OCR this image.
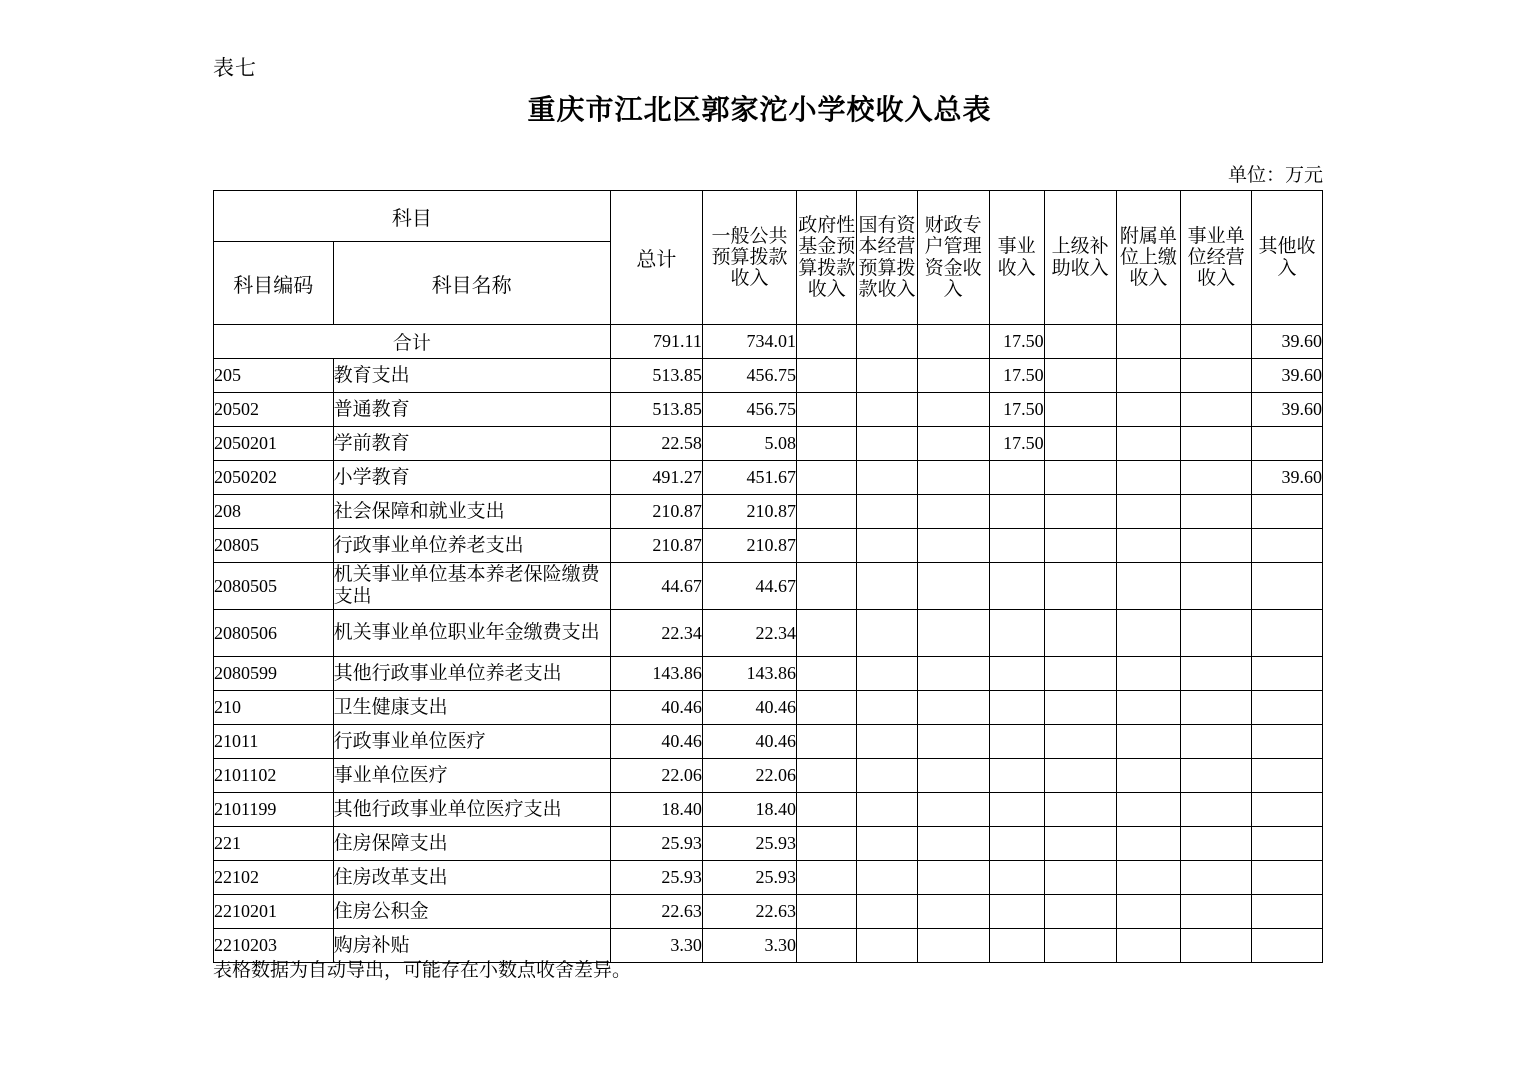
表七
重庆市江北区郭家沱小学校收入总表
单位：万元
科目		总计	一般公共预算拨款收入	政府性基金预算拨款收入	国有资本经营预算拨款收入	财政专户管理资金收入	事业收入	上级补助收入	附属单位上缴收入	事业单位经营收入	其他收入
科目编码	科目名称										
合计		791.11	734.01				17.50				39.60
205	教育支出	513.85	456.75				17.50				39.60
20502	普通教育	513.85	456.75				17.50				39.60
2050201	学前教育	22.58	5.08				17.50				
2050202	小学教育	491.27	451.67								39.60
208	社会保障和就业支出	210.87	210.87								
20805	行政事业单位养老支出	210.87	210.87								
2080505	机关事业单位基本养老保险缴费支出	44.67	44.67								
2080506	机关事业单位职业年金缴费支出	22.34	22.34								
2080599	其他行政事业单位养老支出	143.86	143.86								
210	卫生健康支出	40.46	40.46								
21011	行政事业单位医疗	40.46	40.46								
2101102	事业单位医疗	22.06	22.06								
2101199	其他行政事业单位医疗支出	18.40	18.40								
221	住房保障支出	25.93	25.93								
22102	住房改革支出	25.93	25.93								
2210201	住房公积金	22.63	22.63								
2210203	购房补贴	3.30	3.30								
表格数据为自动导出，可能存在小数点收舍差异。
